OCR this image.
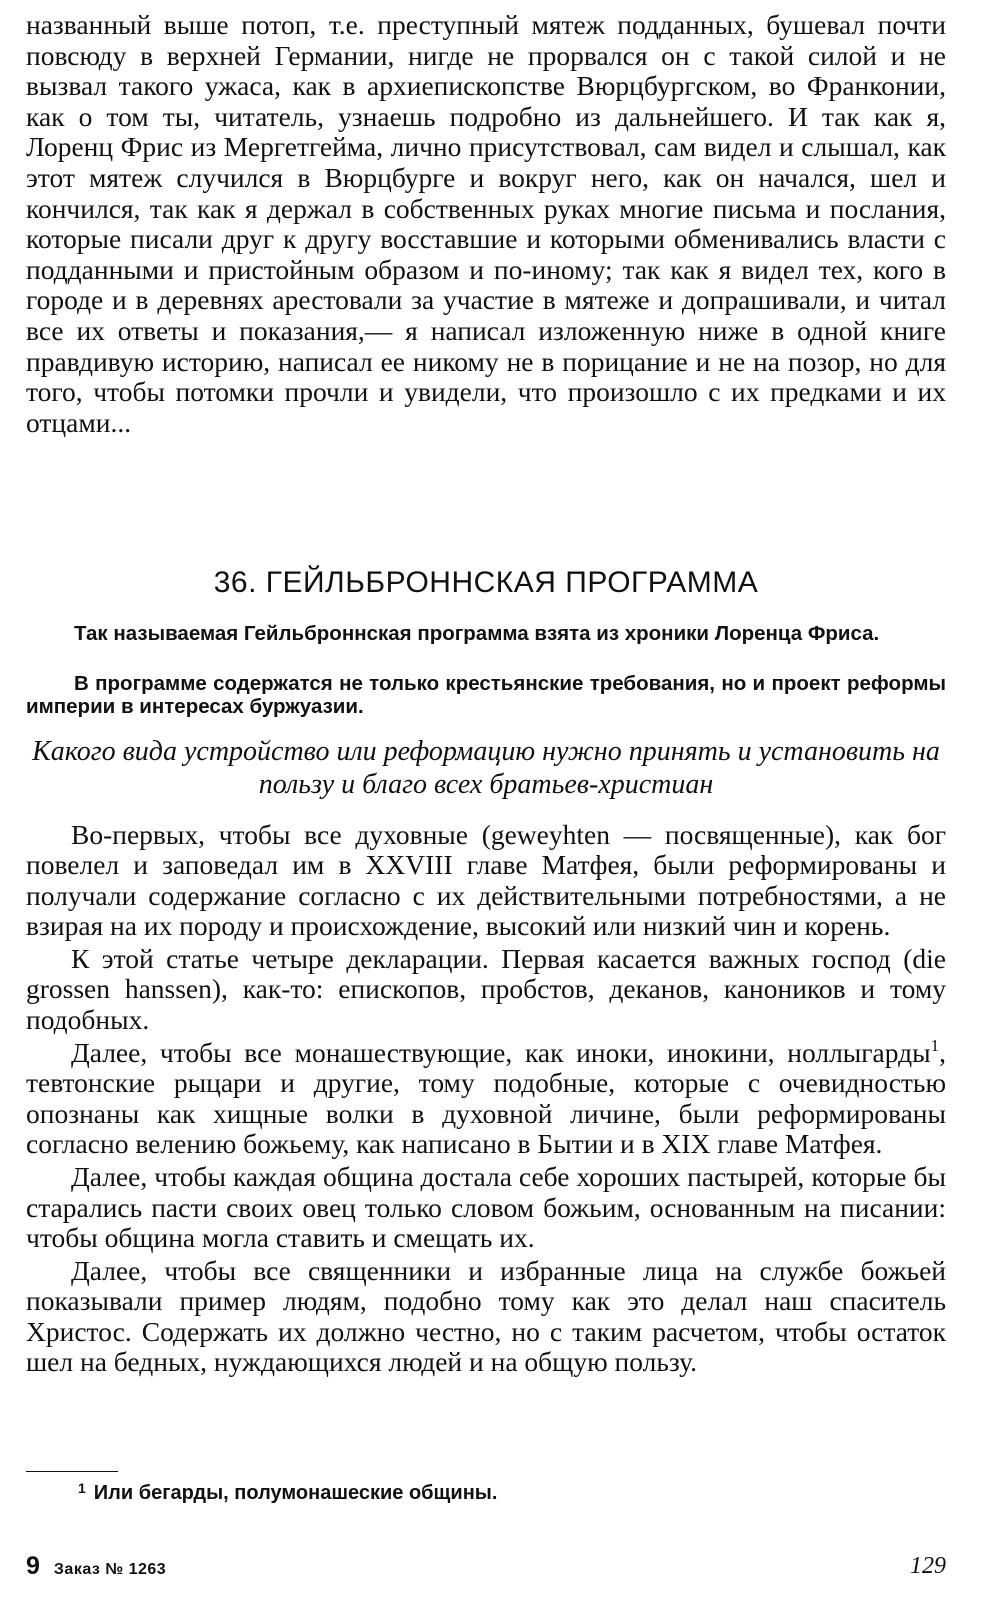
названный выше потоп, т.е. преступный мятеж подданных, бушевал почти повсюду в верхней Германии, нигде не прорвался он с такой силой и не вызвал такого ужаса, как в архиепископстве Вюрцбургском, во Франконии, как о том ты, читатель, узнаешь подробно из дальнейшего. И так как я, Лоренц Фрис из Мергетгейма, лично присутствовал, сам видел и слышал, как этот мятеж случился в Вюрцбурге и вокруг него, как он начался, шел и кончился, так как я держал в собственных руках многие письма и послания, которые писали друг к другу восставшие и которыми обменивались власти с подданными и пристойным образом и по-иному; так как я видел тех, кого в городе и в деревнях арестовали за участие в мятеже и допрашивали, и читал все их ответы и показания,— я написал изложенную ниже в одной книге правдивую историю, написал ее никому не в порицание и не на позор, но для того, чтобы потомки прочли и увидели, что произошло с их предками и их отцами...
36. ГЕЙЛЬБРОННСКАЯ ПРОГРАММА

Так называемая Гейльброннская программа взята из хроники Лоренца Фриса.

В программе содержатся не только крестьянские требования, но и проект реформы империи в интересах буржуазии.

Какого вида устройство или реформацию нужно принять и установить на пользу и благо всех братьев-христиан

Во-первых, чтобы все духовные (geweyhten — посвященные), как бог повелел и заповедал им в XXVIII главе Матфея, были реформированы и получали содержание согласно с их действительными потребностями, а не взирая на их породу и происхождение, высокий или низкий чин и корень.

К этой статье четыре декларации. Первая касается важных господ (die grossen hanssen), как-то: епископов, пробстов, деканов, каноников и тому подобных.

Далее, чтобы все монашествующие, как иноки, инокини, ноллыгарды$^1$, тевтонские рыцари и другие, тому подобные, которые с очевидностью опознаны как хищные волки в духовной личине, были реформированы согласно велению божьему, как написано в Бытии и в XIX главе Матфея.

Далее, чтобы каждая община достала себе хороших пастырей, которые бы старались пасти своих овец только словом божьим, основанным на писании: чтобы община могла ставить и смещать их.

Далее, чтобы все священники и избранные лица на службе божьей показывали пример людям, подобно тому как это делал наш спаситель Христос. Содержать их должно честно, но с таким расчетом, чтобы остаток шел на бедных, нуждающихся людей и на общую пользу.

$^1$ Или бегарды, полумонашеские общины.
9 Заказ № 1263	129
